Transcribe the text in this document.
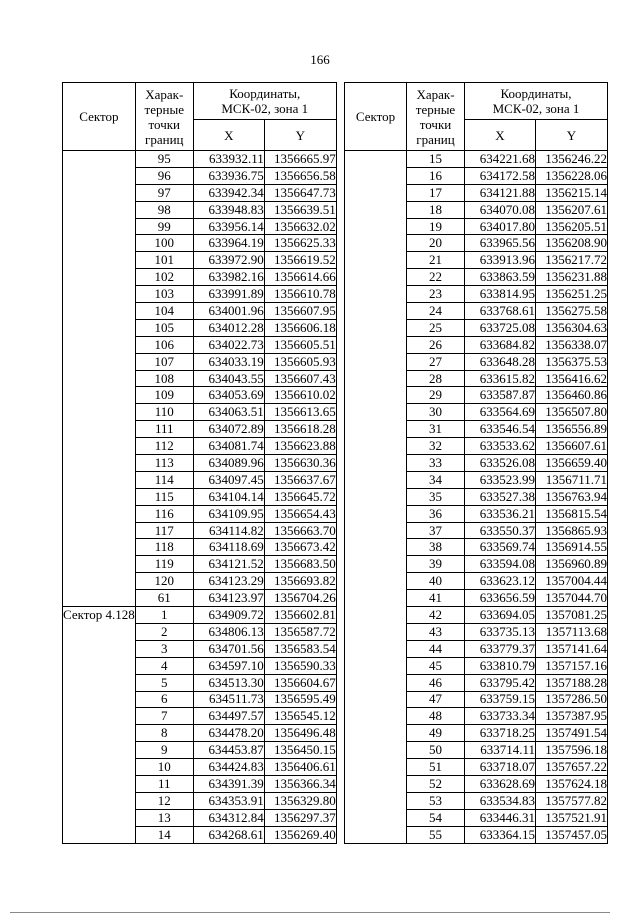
166
Сектор	Харак-
терные
точки
границ	Координаты,
МСК-02, зона 1	
		X	Y
	95	633932.11	1356665.97
	96	633936.75	1356656.58
	97	633942.34	1356647.73
	98	633948.83	1356639.51
	99	633956.14	1356632.02
	100	633964.19	1356625.33
	101	633972.90	1356619.52
	102	633982.16	1356614.66
	103	633991.89	1356610.78
	104	634001.96	1356607.95
	105	634012.28	1356606.18
	106	634022.73	1356605.51
	107	634033.19	1356605.93
	108	634043.55	1356607.43
	109	634053.69	1356610.02
	110	634063.51	1356613.65
	111	634072.89	1356618.28
	112	634081.74	1356623.88
	113	634089.96	1356630.36
	114	634097.45	1356637.67
	115	634104.14	1356645.72
	116	634109.95	1356654.43
	117	634114.82	1356663.70
	118	634118.69	1356673.42
	119	634121.52	1356683.50
	120	634123.29	1356693.82
	61	634123.97	1356704.26
Сектор 4.128	1	634909.72	1356602.81
	2	634806.13	1356587.72
	3	634701.56	1356583.54
	4	634597.10	1356590.33
	5	634513.30	1356604.67
	6	634511.73	1356595.49
	7	634497.57	1356545.12
	8	634478.20	1356496.48
	9	634453.87	1356450.15
	10	634424.83	1356406.61
	11	634391.39	1356366.34
	12	634353.91	1356329.80
	13	634312.84	1356297.37
	14	634268.61	1356269.40
Сектор	Харак-
терные
точки
границ	Координаты,
МСК-02, зона 1	
		X	Y
	15	634221.68	1356246.22
	16	634172.58	1356228.06
	17	634121.88	1356215.14
	18	634070.08	1356207.61
	19	634017.80	1356205.51
	20	633965.56	1356208.90
	21	633913.96	1356217.72
	22	633863.59	1356231.88
	23	633814.95	1356251.25
	24	633768.61	1356275.58
	25	633725.08	1356304.63
	26	633684.82	1356338.07
	27	633648.28	1356375.53
	28	633615.82	1356416.62
	29	633587.87	1356460.86
	30	633564.69	1356507.80
	31	633546.54	1356556.89
	32	633533.62	1356607.61
	33	633526.08	1356659.40
	34	633523.99	1356711.71
	35	633527.38	1356763.94
	36	633536.21	1356815.54
	37	633550.37	1356865.93
	38	633569.74	1356914.55
	39	633594.08	1356960.89
	40	633623.12	1357004.44
	41	633656.59	1357044.70
	42	633694.05	1357081.25
	43	633735.13	1357113.68
	44	633779.37	1357141.64
	45	633810.79	1357157.16
	46	633795.42	1357188.28
	47	633759.15	1357286.50
	48	633733.34	1357387.95
	49	633718.25	1357491.54
	50	633714.11	1357596.18
	51	633718.07	1357657.22
	52	633628.69	1357624.18
	53	633534.83	1357577.82
	54	633446.31	1357521.91
	55	633364.15	1357457.05
